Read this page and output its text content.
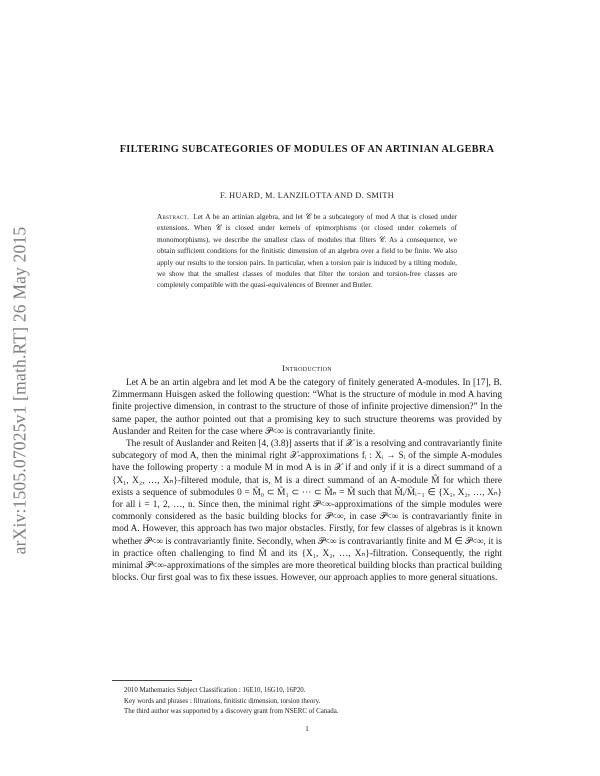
arXiv:1505.07025v1 [math.RT] 26 May 2015
FILTERING SUBCATEGORIES OF MODULES OF AN ARTINIAN ALGEBRA
F. HUARD, M. LANZILOTTA AND D. SMITH
Abstract. Let A be an artinian algebra, and let 𝒞 be a subcategory of mod A that is closed under extensions. When 𝒞 is closed under kernels of epimorphisms (or closed under cokernels of monomorphisms), we describe the smallest class of modules that filters 𝒞. As a consequence, we obtain sufficient conditions for the finitistic dimension of an algebra over a field to be finite. We also apply our results to the torsion pairs. In particular, when a torsion pair is induced by a tilting module, we show that the smallest classes of modules that filter the torsion and torsion-free classes are completely compatible with the quasi-equivalences of Brenner and Butler.
Introduction

Let A be an artin algebra and let mod A be the category of finitely generated A-modules. In [17], B. Zimmermann Huisgen asked the following question: “What is the structure of module in mod A having finite projective dimension, in contrast to the structure of those of infinite projective dimension?” In the same paper, the author pointed out that a promising key to such structure theorems was provided by Auslander and Reiten for the case where 𝒫<∞ is contravariantly finite.

The result of Auslander and Reiten [4, (3.8)] asserts that if 𝒳 is a resolving and contravariantly finite subcategory of mod A, then the minimal right 𝒳-approximations fᵢ : Xᵢ → Sᵢ of the simple A-modules have the following property : a module M in mod A is in 𝒳 if and only if it is a direct summand of a {X₁, X₂, …, Xₙ}-filtered module, that is, M is a direct summand of an A-module M̃ for which there exists a sequence of submodules 0 = M̃₀ ⊂ M̃₁ ⊂ ⋯ ⊂ M̃ₙ = M̃ such that M̃ᵢ/M̃ᵢ₋₁ ∈ {X₁, X₂, …, Xₙ} for all i = 1, 2, …, n. Since then, the minimal right 𝒫<∞-approximations of the simple modules were commonly considered as the basic building blocks for 𝒫<∞, in case 𝒫<∞ is contravariantly finite in mod A. However, this approach has two major obstacles. Firstly, for few classes of algebras is it known whether 𝒫<∞ is contravariantly finite. Secondly, when 𝒫<∞ is contravariantly finite and M ∈ 𝒫<∞, it is in practice often challenging to find M̃ and its {X₁, X₂, …, Xₙ}-filtration. Consequently, the right minimal 𝒫<∞-approximations of the simples are more theoretical building blocks than practical building blocks. Our first goal was to fix these issues. However, our approach applies to more general situations.

2010 Mathematics Subject Classification : 16E10, 16G10, 16P20.

Key words and phrases : filtrations, finitistic dimension, torsion theory.

The third author was supported by a discovery grant from NSERC of Canada.

1
